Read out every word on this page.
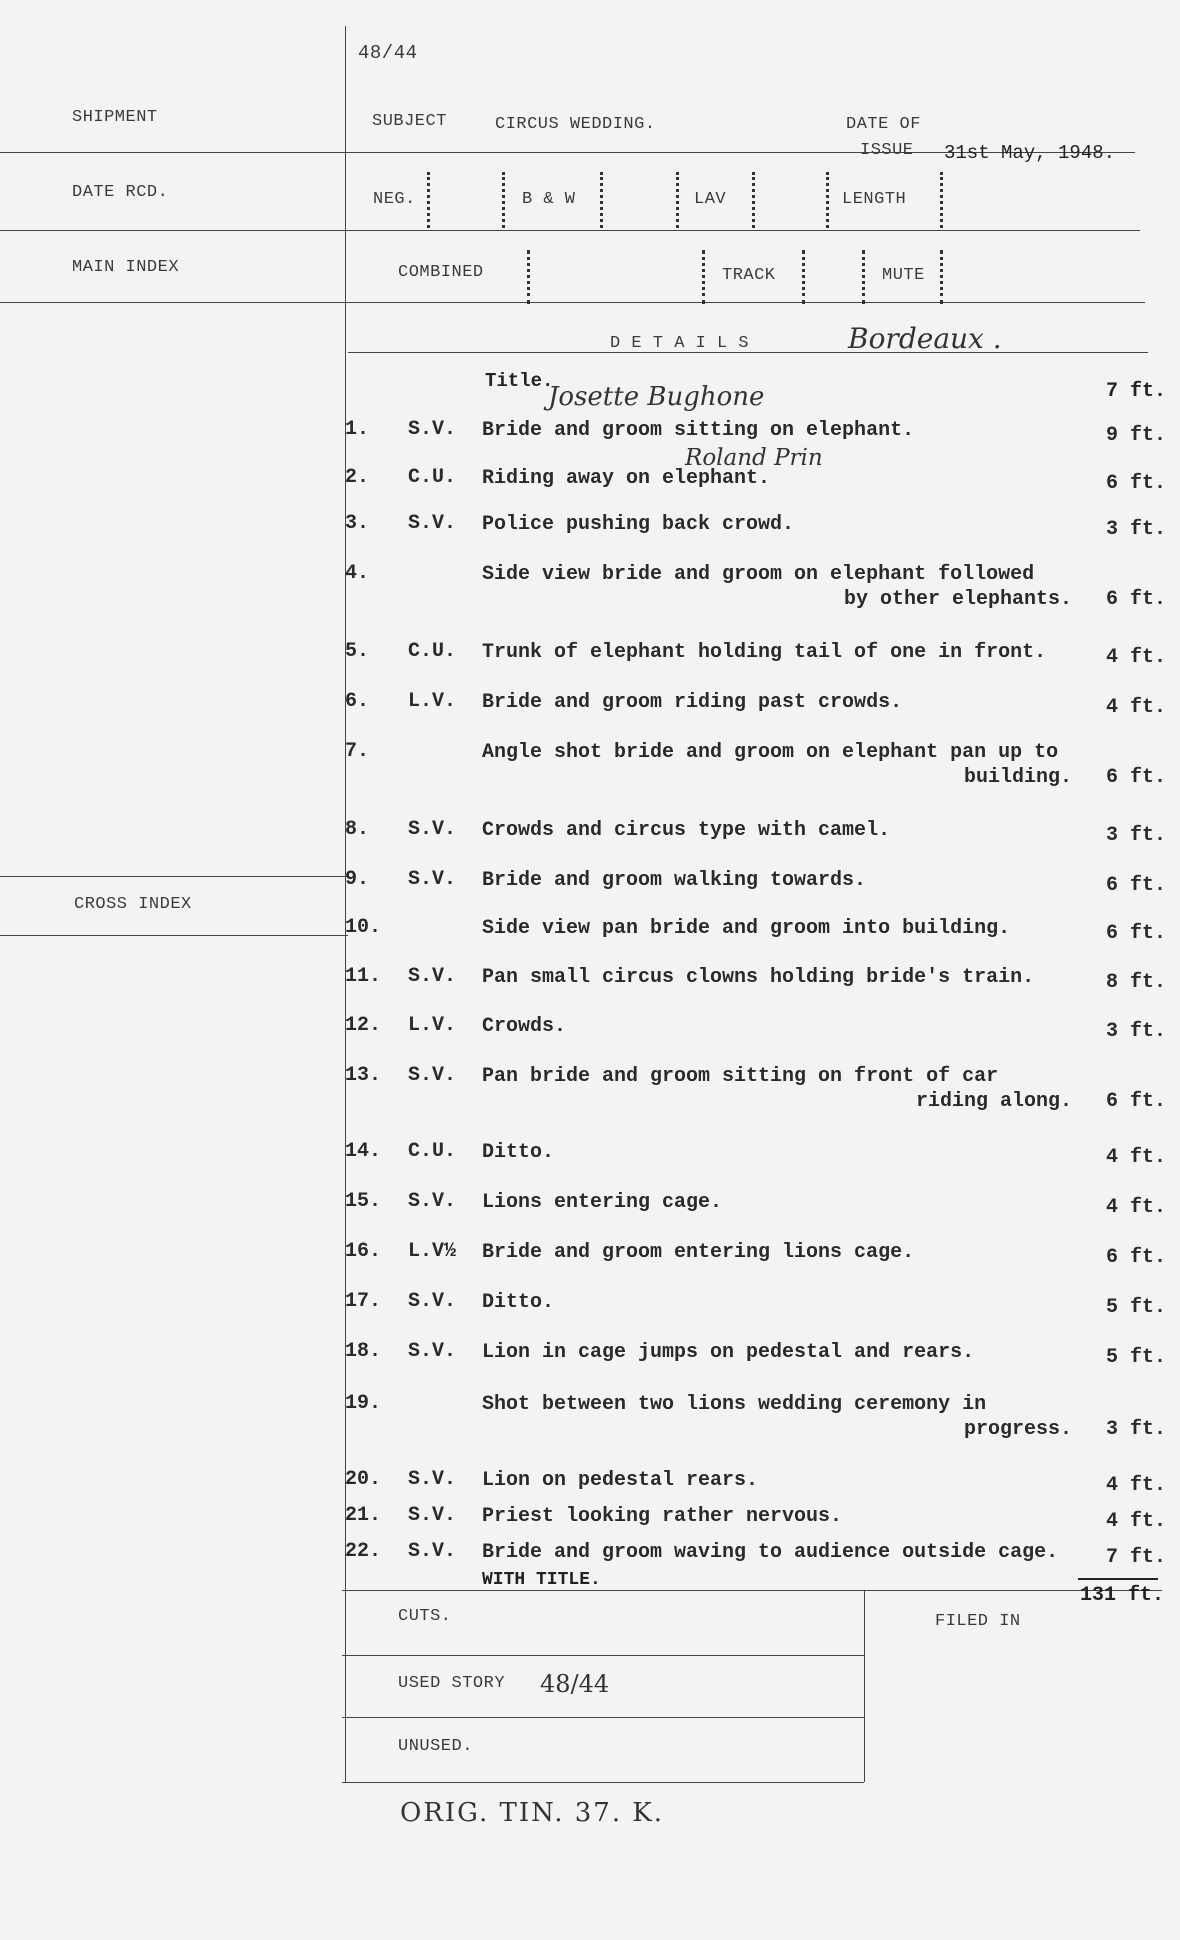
48/44
SHIPMENT	SUBJECT	CIRCUS WEDDING.	DATE OF
ISSUE 31st May, 1948.
DATE RCD.	NEG.	B & W	LAV	LENGTH
MAIN INDEX	COMBINED	TRACK	MUTE
D E T A I L S	Bordeaux .
CROSS INDEX
Title.
Josette Bughone
Roland Prin
7 ft.
1. S.V. Bride and groom sitting on elephant.	9 ft.
2. C.U. Riding away on elephant.	6 ft.
3. S.V. Police pushing back crowd.	3 ft.
4.	Side view bride and groom on elephant followed
by other elephants. 6 ft.
5. C.U. Trunk of elephant holding tail of one in front.	4 ft.
6. L.V. Bride and groom riding past crowds.	4 ft.
7.	Angle shot bride and groom on elephant pan up to
building. 6 ft.
8. S.V. Crowds and circus type with camel.	3 ft.
9. S.V. Bride and groom walking towards.	6 ft.
10.	Side view pan bride and groom into building.	6 ft.
11. S.V. Pan small circus clowns holding bride's train.	8 ft.
12. L.V. Crowds.	3 ft.
13. S.V. Pan bride and groom sitting on front of car
riding along. 6 ft.
14. C.U. Ditto.	4 ft.
15. S.V. Lions entering cage.	4 ft.
16. L.V½ Bride and groom entering lions cage.	6 ft.
17. S.V. Ditto.	5 ft.
18. S.V. Lion in cage jumps on pedestal and rears.	5 ft.
19.	Shot between two lions wedding ceremony in
progress. 3 ft.
20. S.V. Lion on pedestal rears.	4 ft.
21. S.V. Priest looking rather nervous.	4 ft.
22. S.V. Bride and groom waving to audience outside cage.	7 ft.
WITH TITLE.
131 ft.
CUTS.	FILED IN
USED STORY 48/44
UNUSED.
ORIG. TIN. 37. K.
